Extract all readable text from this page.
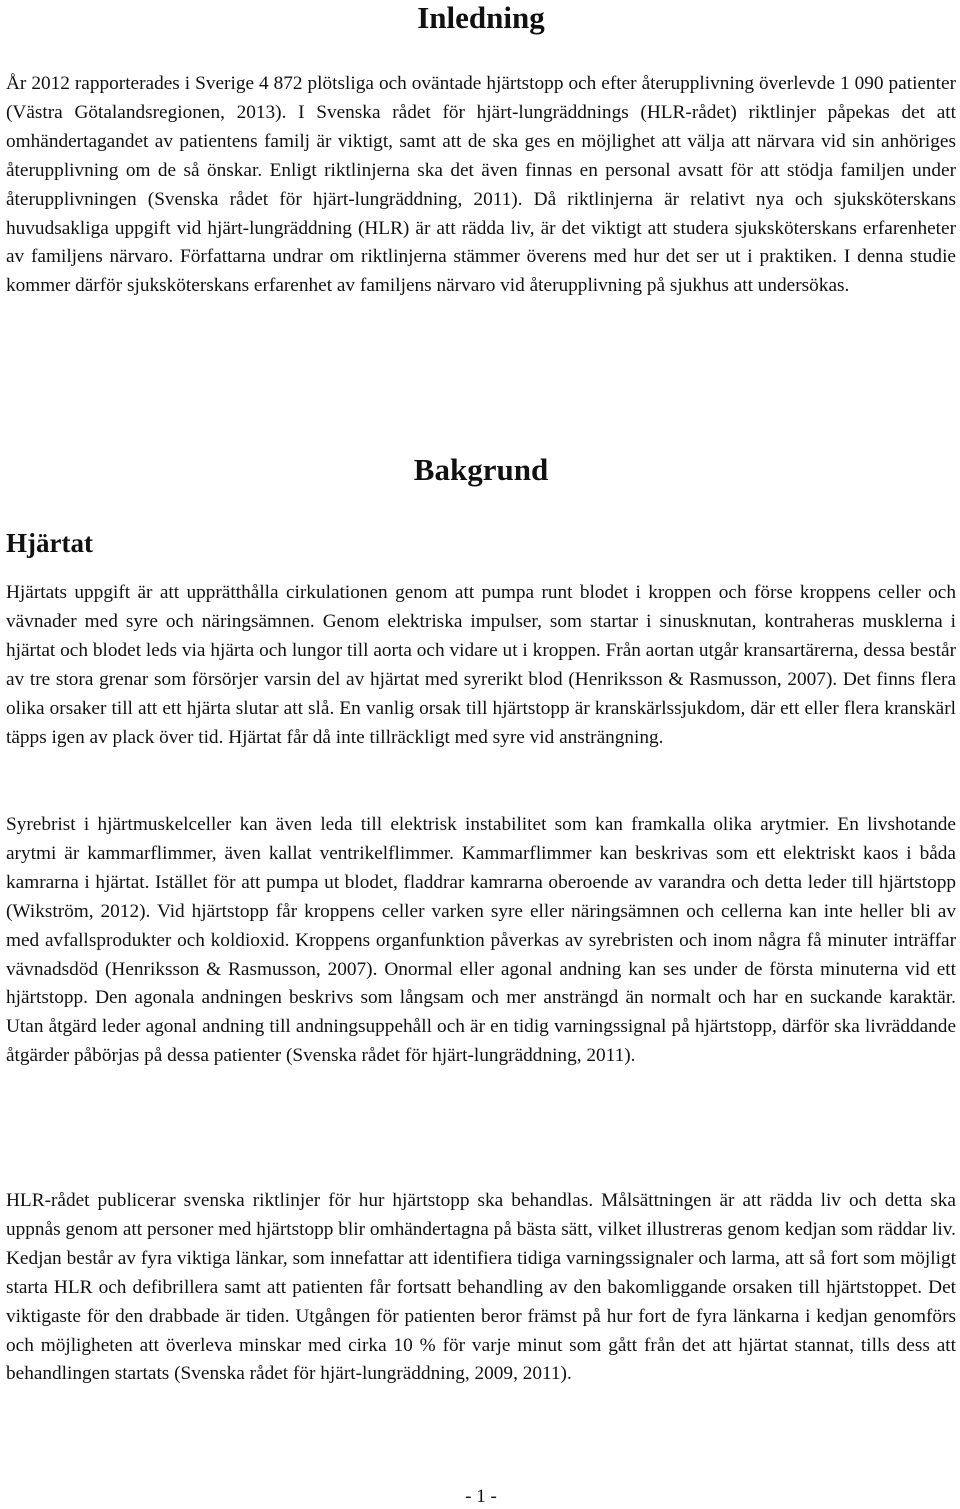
Inledning

År 2012 rapporterades i Sverige 4 872 plötsliga och oväntade hjärtstopp och efter återupplivning överlevde 1 090 patienter (Västra Götalandsregionen, 2013). I Svenska rådet för hjärt-lungräddnings (HLR-rådet) riktlinjer påpekas det att omhändertagandet av patientens familj är viktigt, samt att de ska ges en möjlighet att välja att närvara vid sin anhöriges återupplivning om de så önskar. Enligt riktlinjerna ska det även finnas en personal avsatt för att stödja familjen under återupplivningen (Svenska rådet för hjärt-lungräddning, 2011). Då riktlinjerna är relativt nya och sjuksköterskans huvudsakliga uppgift vid hjärt-lungräddning (HLR) är att rädda liv, är det viktigt att studera sjuksköterskans erfarenheter av familjens närvaro. Författarna undrar om riktlinjerna stämmer överens med hur det ser ut i praktiken. I denna studie kommer därför sjuksköterskans erfarenhet av familjens närvaro vid återupplivning på sjukhus att undersökas.

Bakgrund
Hjärtat

Hjärtats uppgift är att upprätthålla cirkulationen genom att pumpa runt blodet i kroppen och förse kroppens celler och vävnader med syre och näringsämnen. Genom elektriska impulser, som startar i sinusknutan, kontraheras musklerna i hjärtat och blodet leds via hjärta och lungor till aorta och vidare ut i kroppen. Från aortan utgår kransartärerna, dessa består av tre stora grenar som försörjer varsin del av hjärtat med syrerikt blod (Henriksson & Rasmusson, 2007). Det finns flera olika orsaker till att ett hjärta slutar att slå. En vanlig orsak till hjärtstopp är kranskärlssjukdom, där ett eller flera kranskärl täpps igen av plack över tid. Hjärtat får då inte tillräckligt med syre vid ansträngning.

Syrebrist i hjärtmuskelceller kan även leda till elektrisk instabilitet som kan framkalla olika arytmier. En livshotande arytmi är kammarflimmer, även kallat ventrikelflimmer. Kammarflimmer kan beskrivas som ett elektriskt kaos i båda kamrarna i hjärtat. Istället för att pumpa ut blodet, fladdrar kamrarna oberoende av varandra och detta leder till hjärtstopp (Wikström, 2012). Vid hjärtstopp får kroppens celler varken syre eller näringsämnen och cellerna kan inte heller bli av med avfallsprodukter och koldioxid. Kroppens organfunktion påverkas av syrebristen och inom några få minuter inträffar vävnadsdöd (Henriksson & Rasmusson, 2007). Onormal eller agonal andning kan ses under de första minuterna vid ett hjärtstopp. Den agonala andningen beskrivs som långsam och mer ansträngd än normalt och har en suckande karaktär. Utan åtgärd leder agonal andning till andningsuppehåll och är en tidig varningssignal på hjärtstopp, därför ska livräddande åtgärder påbörjas på dessa patienter (Svenska rådet för hjärt-lungräddning, 2011).

HLR-rådet publicerar svenska riktlinjer för hur hjärtstopp ska behandlas. Målsättningen är att rädda liv och detta ska uppnås genom att personer med hjärtstopp blir omhändertagna på bästa sätt, vilket illustreras genom kedjan som räddar liv. Kedjan består av fyra viktiga länkar, som innefattar att identifiera tidiga varningssignaler och larma, att så fort som möjligt starta HLR och defibrillera samt att patienten får fortsatt behandling av den bakomliggande orsaken till hjärtstoppet. Det viktigaste för den drabbade är tiden. Utgången för patienten beror främst på hur fort de fyra länkarna i kedjan genomförs och möjligheten att överleva minskar med cirka 10 % för varje minut som gått från det att hjärtat stannat, tills dess att behandlingen startats (Svenska rådet för hjärt-lungräddning, 2009, 2011).

- 1 -
